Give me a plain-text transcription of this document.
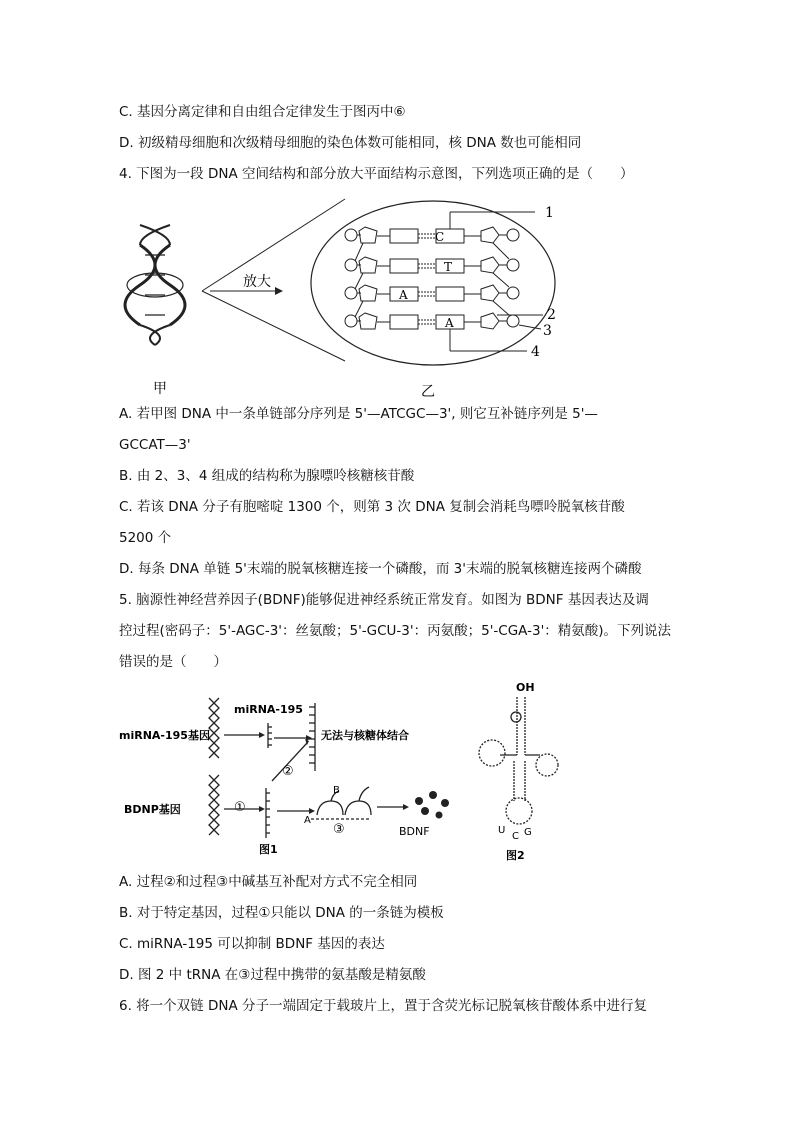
C. 基因分离定律和自由组合定律发生于图丙中⑥
D. 初级精母细胞和次级精母细胞的染色体数可能相同，核 DNA 数也可能相同
4. 下图为一段 DNA 空间结构和部分放大平面结构示意图，下列选项正确的是（　　）
甲
放大
C
T
A
A
1
2
3
4
乙
A. 若甲图 DNA 中一条单链部分序列是 5'—ATCGC—3', 则它互补链序列是 5'—
GCCAT—3'
B. 由 2、3、4 组成的结构称为腺嘌呤核糖核苷酸
C. 若该 DNA 分子有胞嘧啶 1300 个，则第 3 次 DNA 复制会消耗鸟嘌呤脱氧核苷酸
5200 个
D. 每条 DNA 单链 5'末端的脱氧核糖连接一个磷酸，而 3'末端的脱氧核糖连接两个磷酸
5. 脑源性神经营养因子(BDNF)能够促进神经系统正常发育。如图为 BDNF 基因表达及调
控过程(密码子：5'-AGC-3'：丝氨酸；5'-GCU-3'：丙氨酸；5'-CGA-3'：精氨酸)。下列说法
错误的是（　　）
miRNA-195基因
miRNA-195
无法与核糖体结合
BDNP基因
BDNF
A
B
图1
①
②
③
OH
U
C G
图2
A. 过程②和过程③中碱基互补配对方式不完全相同
B. 对于特定基因，过程①只能以 DNA 的一条链为模板
C. miRNA-195 可以抑制 BDNF 基因的表达
D. 图 2 中 tRNA 在③过程中携带的氨基酸是精氨酸
6. 将一个双链 DNA 分子一端固定于载玻片上，置于含荧光标记脱氧核苷酸体系中进行复
